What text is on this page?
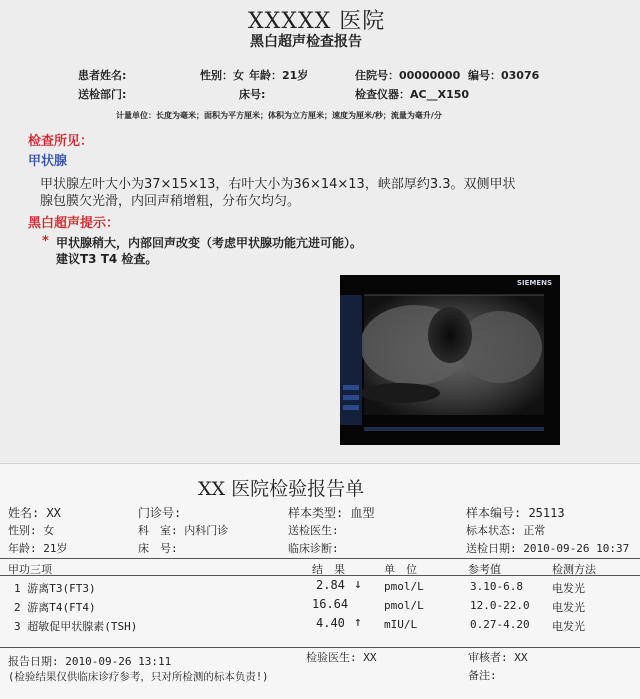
XXXXX 医院
黑白超声检查报告
患者姓名:	性别：女 年龄：21岁	住院号：00000000 编号：03076
送检部门:	床号:	检查仪器：AC__X150
计量单位：长度为毫米；面积为平方厘米；体积为立方厘米；速度为厘米/秒；流量为毫升/分
检查所见：
甲状腺
甲状腺左叶大小为37×15×13，右叶大小为36×14×13，峡部厚约3.3。双侧甲状
腺包膜欠光滑，内回声稍增粗，分布欠均匀。
黑白超声提示：
* 甲状腺稍大，内部回声改变（考虑甲状腺功能亢进可能）。
建议T3 T4 检查。
SIEMENS
XX 医院检验报告单
姓名: XX
性别: 女
年龄: 21岁
门诊号:
科　室: 内科门诊
床　号:
样本类型: 血型
送检医生:
临床诊断:
样本编号: 25113
标本状态: 正常
送检日期: 2010-09-26 10:37
甲功三项	结　果	单　位	参考值	检测方法
1 游离T3(FT3)	2.84 ↓ pmol/L	3.10-6.8	电发光
2 游离T4(FT4)	16.64	pmol/L	12.0-22.0 电发光
3 超敏促甲状腺素(TSH)	4.40 ↑ mIU/L	0.27-4.20 电发光
报告日期: 2010-09-26 13:11	检验医生: XX	审核者: XX
(检验结果仅供临床诊疗参考，只对所检测的标本负责!)	备注:
